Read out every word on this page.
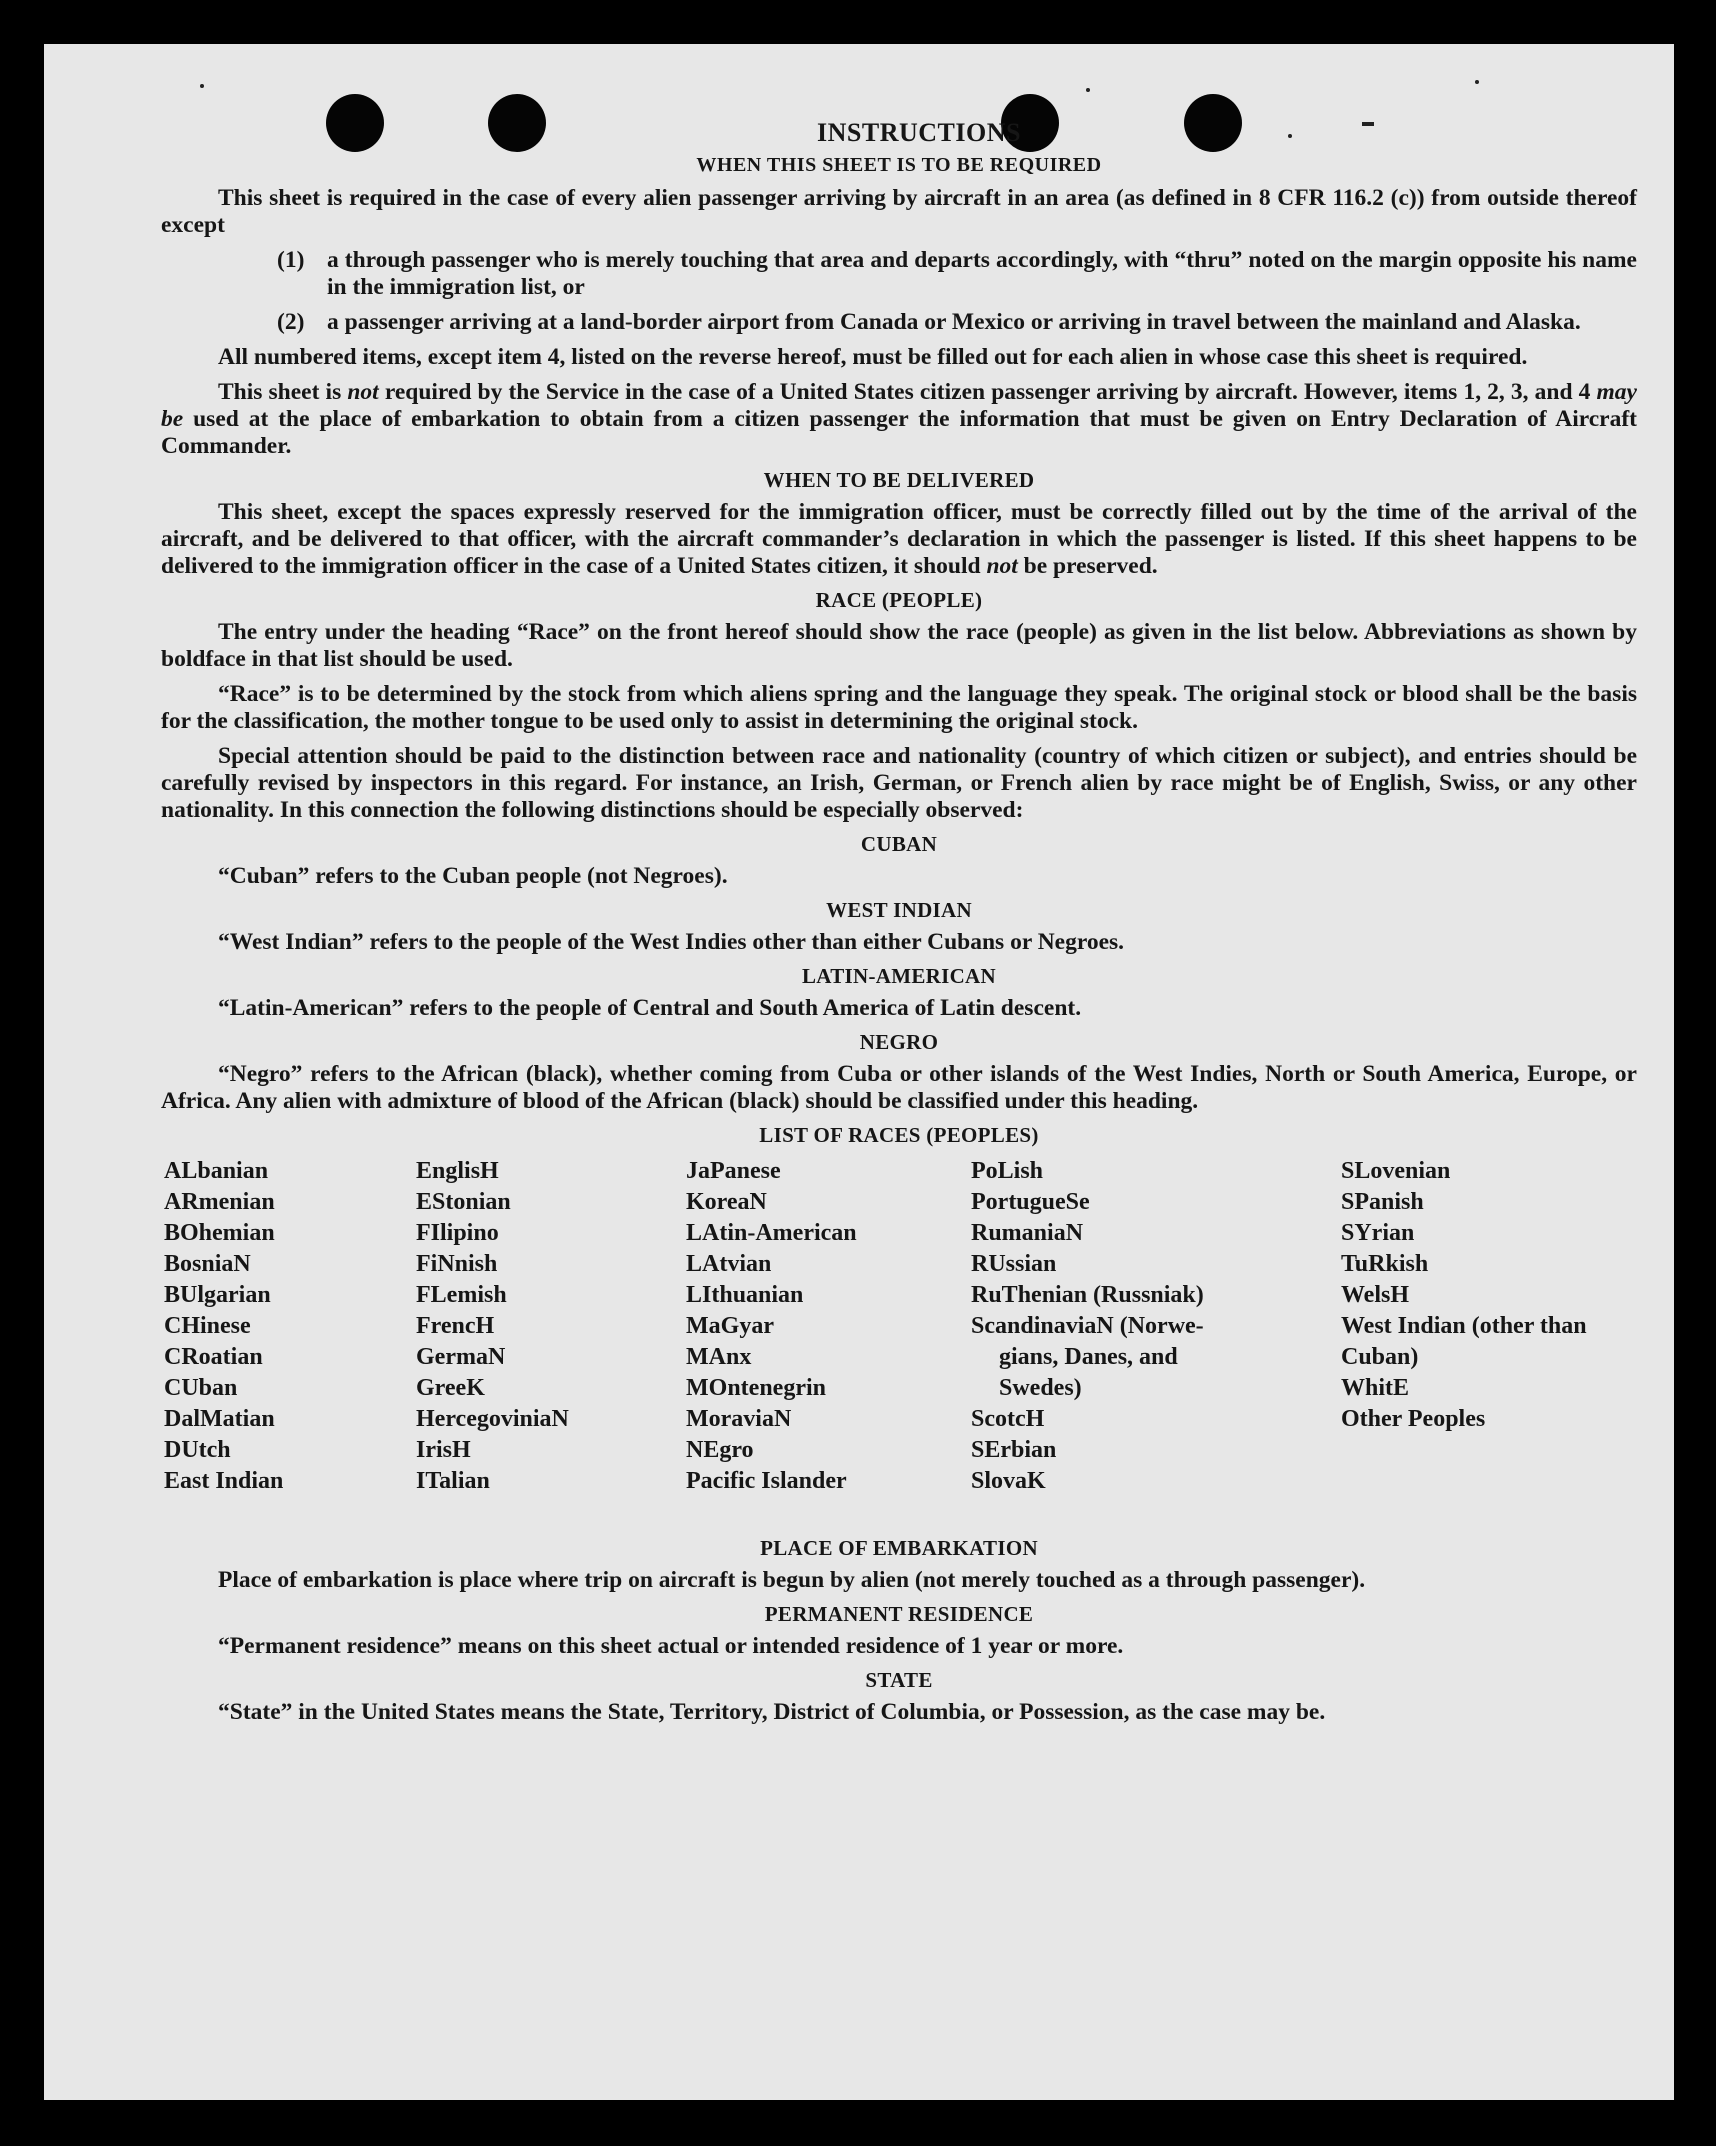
INSTRUCTIONS
WHEN THIS SHEET IS TO BE REQUIRED

This sheet is required in the case of every alien passenger arriving by aircraft in an area (as defined in 8 CFR 116.2 (c)) from outside thereof except

(1) a through passenger who is merely touching that area and departs accordingly, with “thru” noted on the margin opposite his name in the immigration list, or
(2) a passenger arriving at a land-border airport from Canada or Mexico or arriving in travel between the mainland and Alaska.

All numbered items, except item 4, listed on the reverse hereof, must be filled out for each alien in whose case this sheet is required.

This sheet is not required by the Service in the case of a United States citizen passenger arriving by aircraft. However, items 1, 2, 3, and 4 may be used at the place of embarkation to obtain from a citizen passenger the information that must be given on Entry Declaration of Aircraft Commander.

WHEN TO BE DELIVERED

This sheet, except the spaces expressly reserved for the immigration officer, must be correctly filled out by the time of the arrival of the aircraft, and be delivered to that officer, with the aircraft commander’s declaration in which the passenger is listed. If this sheet happens to be delivered to the immigration officer in the case of a United States citizen, it should not be preserved.

RACE (PEOPLE)

The entry under the heading “Race” on the front hereof should show the race (people) as given in the list below. Abbreviations as shown by boldface in that list should be used.

“Race” is to be determined by the stock from which aliens spring and the language they speak. The original stock or blood shall be the basis for the classification, the mother tongue to be used only to assist in determining the original stock.

Special attention should be paid to the distinction between race and nationality (country of which citizen or subject), and entries should be carefully revised by inspectors in this regard. For instance, an Irish, German, or French alien by race might be of English, Swiss, or any other nationality. In this connection the following distinctions should be especially observed:

CUBAN

“Cuban” refers to the Cuban people (not Negroes).

WEST INDIAN

“West Indian” refers to the people of the West Indies other than either Cubans or Negroes.

LATIN-AMERICAN

“Latin-American” refers to the people of Central and South America of Latin descent.

NEGRO

“Negro” refers to the African (black), whether coming from Cuba or other islands of the West Indies, North or South America, Europe, or Africa. Any alien with admixture of blood of the African (black) should be classified under this heading.

LIST OF RACES (PEOPLES)
ALbanian
ARmenian
BOhemian
BosniaN
BUlgarian
CHinese
CRoatian
CUban
DalMatian
DUtch
East Indian
EnglisH
EStonian
FIlipino
FiNnish
FLemish
FrencH
GermaN
GreeK
HercegoviniaN
IrisH
ITalian
JaPanese
KoreaN
LAtin-American
LAtvian
LIthuanian
MaGyar
MAnx
MOntenegrin
MoraviaN
NEgro
Pacific Islander
PoLish
PortugueSe
RumaniaN
RUssian
RuThenian (Russniak)
ScandinaviaN (Norwe-
gians, Danes, and
Swedes)
ScotcH
SErbian
SlovaK
SLovenian
SPanish
SYrian
TuRkish
WelsH
West Indian (other than Cuban)
WhitE
Other Peoples
PLACE OF EMBARKATION

Place of embarkation is place where trip on aircraft is begun by alien (not merely touched as a through passenger).

PERMANENT RESIDENCE

“Permanent residence” means on this sheet actual or intended residence of 1 year or more.

STATE

“State” in the United States means the State, Territory, District of Columbia, or Possession, as the case may be.
